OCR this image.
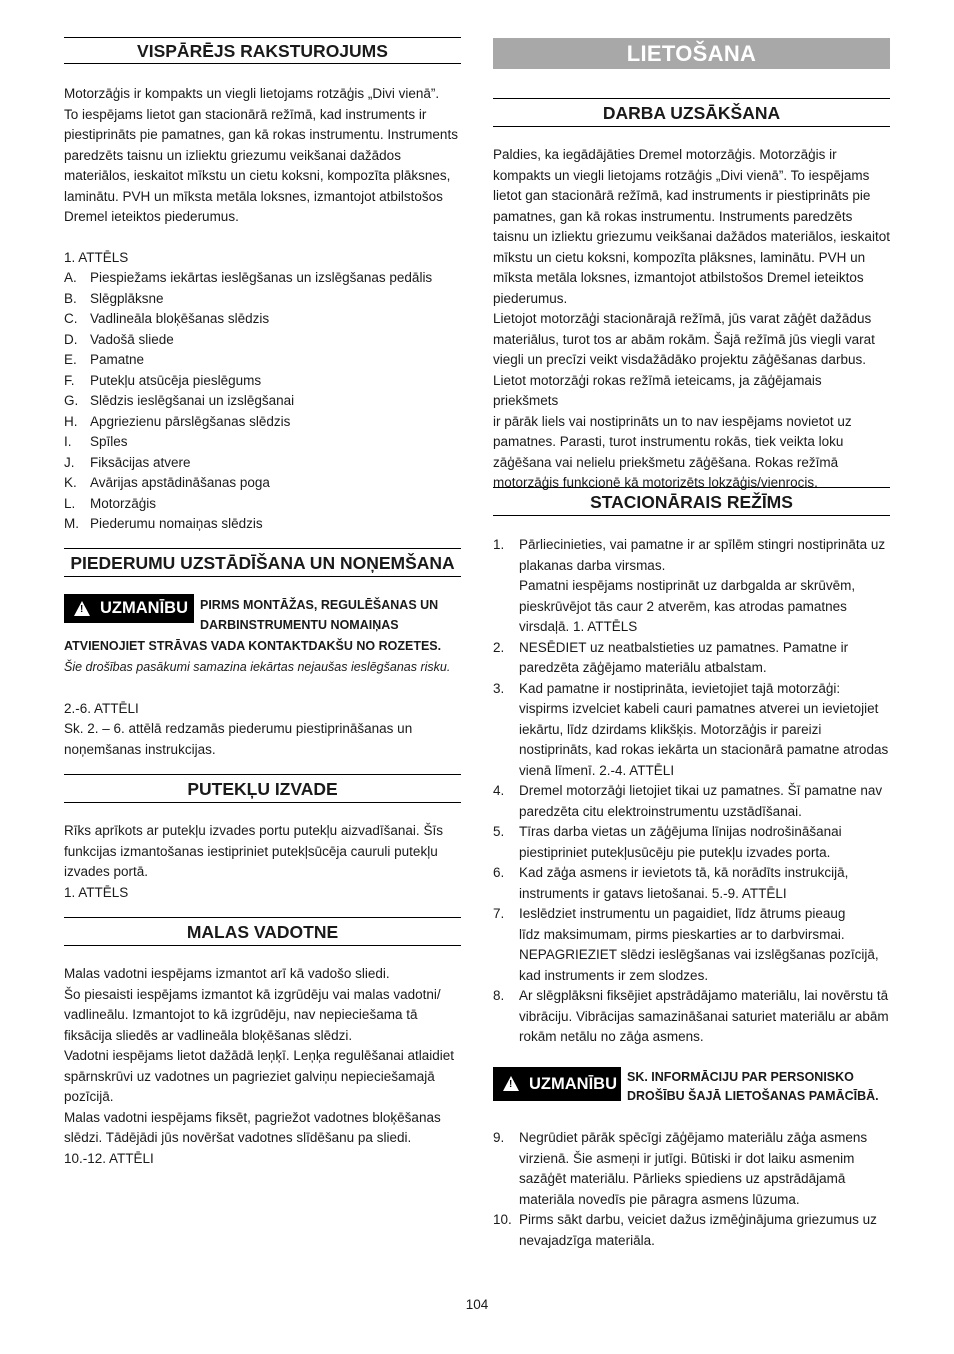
VISPĀRĒJS RAKSTUROJUMS

Motorzāģis ir kompakts un viegli lietojams rotzāģis „Divi vienā”.
To iespējams lietot gan stacionārā režīmā, kad instruments ir
piestiprināts pie pamatnes, gan kā rokas instrumentu. Instruments
paredzēts taisnu un izliektu griezumu veikšanai dažādos
materiālos, ieskaitot mīkstu un cietu koksni, kompozīta plāksnes,
laminātu. PVH un mīksta metāla loksnes, izmantojot atbilstošos
Dremel ieteiktos piederumus.

1. ATTĒLS

A. Piespiežams iekārtas ieslēgšanas un izslēgšanas pedālis
B. Slēgplāksne
C. Vadlineāla bloķēšanas slēdzis
D. Vadošā sliede
E. Pamatne
F. Putekļu atsūcēja pieslēgums
G. Slēdzis ieslēgšanai un izslēgšanai
H. Apgriezienu pārslēgšanas slēdzis
I. Spīles
J. Fiksācijas atvere
K. Avārijas apstādināšanas poga
L. Motorzāģis
M. Piederumu nomaiņas slēdzis
PIEDERUMU UZSTĀDĪŠANA UN NOŅEMŠANA
! UZMANĪBU PIRMS MONTĀŽAS, REGULĒŠANAS UN
DARBINSTRUMENTU NOMAIŅAS
ATVIENOJIET STRĀVAS VADA KONTAKTDAKŠU NO ROZETES.
Šie drošības pasākumi samazina iekārtas nejaušas ieslēgšanas risku.

2.-6. ATTĒLI

Sk. 2. – 6. attēlā redzamās piederumu piestiprināšanas un
noņemšanas instrukcijas.

PUTEKĻU IZVADE

Rīks aprīkots ar putekļu izvades portu putekļu aizvadīšanai. Šīs
funkcijas izmantošanas iestipriniet putekļsūcēja cauruli putekļu
izvades portā.
1. ATTĒLS

MALAS VADOTNE

Malas vadotni iespējams izmantot arī kā vadošo sliedi.
Šo piesaisti iespējams izmantot kā izgrūdēju vai malas vadotni/
vadlineālu. Izmantojot to kā izgrūdēju, nav nepieciešama tā
fiksācija sliedēs ar vadlineāla bloķēšanas slēdzi.
Vadotni iespējams lietot dažādā leņķī. Leņķa regulēšanai atlaidiet
spārnskrūvi uz vadotnes un pagrieziet galviņu nepieciešamajā
pozīcijā.
Malas vadotni iespējams fiksēt, pagriežot vadotnes bloķēšanas
slēdzi. Tādējādi jūs novēršat vadotnes slīdēšanu pa sliedi.
10.-12. ATTĒLI

LIETOŠANA
DARBA UZSĀKŠANA

Paldies, ka iegādājāties Dremel motorzāģis. Motorzāģis ir
kompakts un viegli lietojams rotzāģis „Divi vienā”. To iespējams
lietot gan stacionārā režīmā, kad instruments ir piestiprināts pie
pamatnes, gan kā rokas instrumentu. Instruments paredzēts
taisnu un izliektu griezumu veikšanai dažādos materiālos, ieskaitot
mīkstu un cietu koksni, kompozīta plāksnes, laminātu. PVH un
mīksta metāla loksnes, izmantojot atbilstošos Dremel ieteiktos
piederumus.
Lietojot motorzāģi stacionārajā režīmā, jūs varat zāģēt dažādus
materiālus, turot tos ar abām rokām. Šajā režīmā jūs viegli varat
viegli un precīzi veikt visdažādāko projektu zāģēšanas darbus.
Lietot motorzāģi rokas režīmā ieteicams, ja zāģējamais priekšmets
ir pārāk liels vai nostiprināts un to nav iespējams novietot uz
pamatnes. Parasti, turot instrumentu rokās, tiek veikta loku
zāģēšana vai nelielu priekšmetu zāģēšana. Rokas režīmā
motorzāģis funkcionē kā motorizēts lokzāģis/vienrocis.

STACIONĀRAIS REŽĪMS
1. Pārliecinieties, vai pamatne ir ar spīlēm stingri nostiprināta uz
plakanas darba virsmas.
Pamatni iespējams nostiprināt uz darbgalda ar skrūvēm,
pieskrūvējot tās caur 2 atverēm, kas atrodas pamatnes
virsdaļā. 1. ATTĒLS
2. NESĒDIET uz neatbalstieties uz pamatnes. Pamatne ir
paredzēta zāģējamo materiālu atbalstam.
3. Kad pamatne ir nostiprināta, ievietojiet tajā motorzāģi:
vispirms izvelciet kabeli cauri pamatnes atverei un ievietojiet
iekārtu, līdz dzirdams klikšķis. Motorzāģis ir pareizi
nostiprināts, kad rokas iekārta un stacionārā pamatne atrodas
vienā līmenī. 2.-4. ATTĒLI
4. Dremel motorzāģi lietojiet tikai uz pamatnes. Šī pamatne nav
paredzēta citu elektroinstrumentu uzstādīšanai.
5. Tīras darba vietas un zāģējuma līnijas nodrošināšanai
piestipriniet putekļusūcēju pie putekļu izvades porta.
6. Kad zāģa asmens ir ievietots tā, kā norādīts instrukcijā,
instruments ir gatavs lietošanai. 5.-9. ATTĒLI
7. Ieslēdziet instrumentu un pagaidiet, līdz ātrums pieaug
līdz maksimumam, pirms pieskarties ar to darbvirsmai.
NEPAGRIEZIET slēdzi ieslēgšanas vai izslēgšanas pozīcijā,
kad instruments ir zem slodzes.
8. Ar slēgplāksni fiksējiet apstrādājamo materiālu, lai novērstu tā
vibrāciju. Vibrācijas samazināšanai saturiet materiālu ar abām
rokām netālu no zāģa asmens.
! UZMANĪBU SK. INFORMĀCIJU PAR PERSONISKO
DROŠĪBU ŠAJĀ LIETOŠANAS PAMĀCĪBĀ.
9. Negrūdiet pārāk spēcīgi zāģējamo materiālu zāģa asmens
virzienā. Šie asmeņi ir jutīgi. Būtiski ir dot laiku asmenim
sazāģēt materiālu. Pārlieks spiediens uz apstrādājamā
materiāla novedīs pie pāragra asmens lūzuma.
10. Pirms sākt darbu, veiciet dažus izmēģinājuma griezumus uz
nevajadzīga materiāla.
104
